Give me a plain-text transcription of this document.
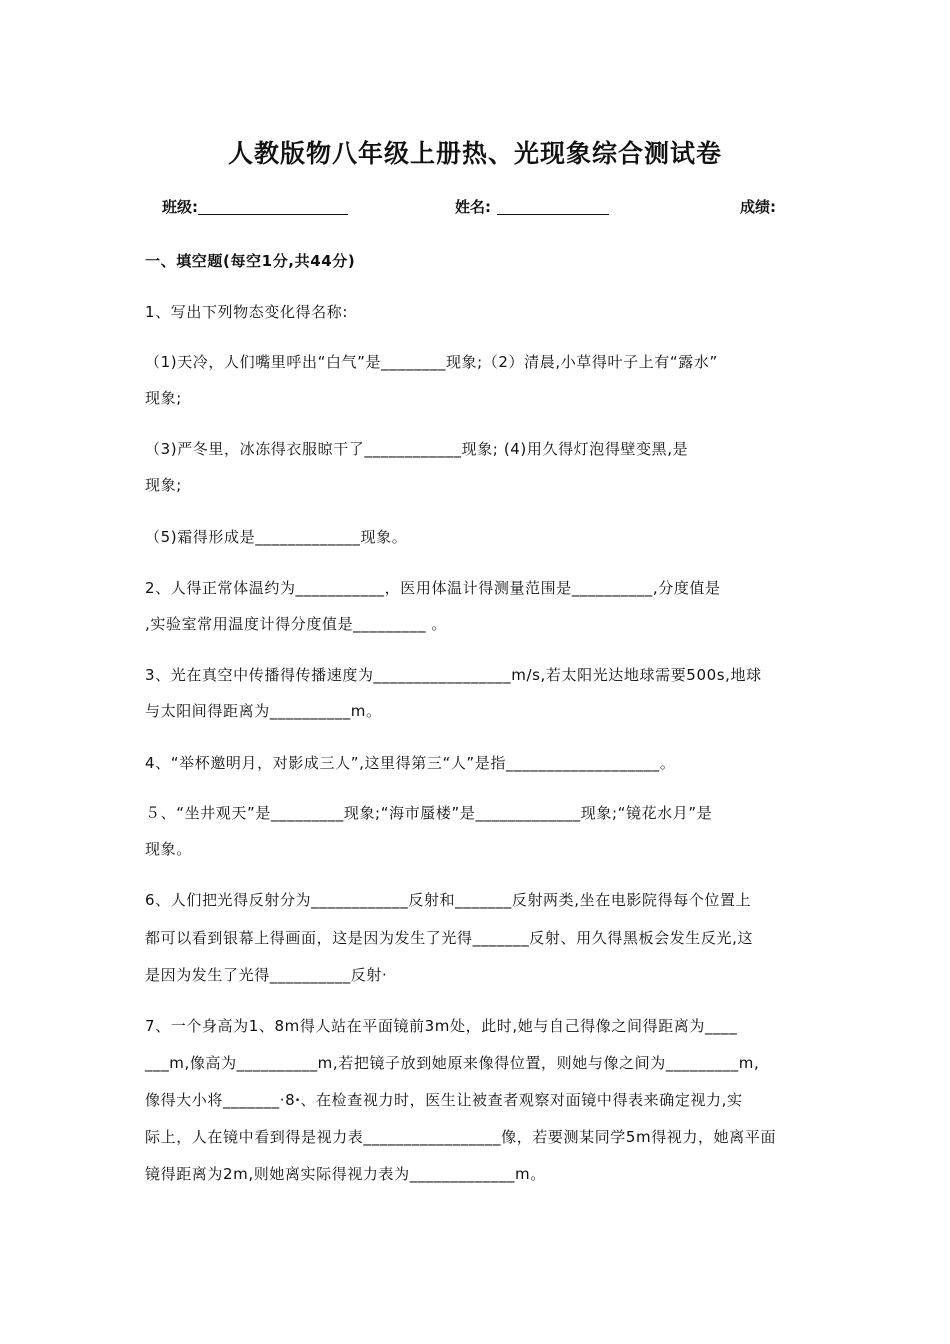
人教版物八年级上册热、光现象综合测试卷
班级:	姓名:	成绩:
一、填空题(每空1分,共44分)
1、写出下列物态变化得名称:
（1)天冷，人们嘴里呼出“白气”是________现象;（2）清晨,小草得叶子上有“露水”
现象;
（3)严冬里，冰冻得衣服晾干了____________现象; (4)用久得灯泡得壁变黑,是
现象;
（5)霜得形成是_____________现象。
2、人得正常体温约为___________，医用体温计得测量范围是__________,分度值是
,实验室常用温度计得分度值是_________ 。
3、光在真空中传播得传播速度为_________________m/s,若太阳光达地球需要500s,地球
与太阳间得距离为__________m。
4、“举杯邀明月，对影成三人”,这里得第三“人”是指___________________。
５、“坐井观天”是_________现象;“海市蜃楼”是_____________现象;“镜花水月”是
现象。
6、人们把光得反射分为____________反射和_______反射两类,坐在电影院得每个位置上
都可以看到银幕上得画面，这是因为发生了光得_______反射、用久得黑板会发生反光,这
是因为发生了光得__________反射·
7、一个身高为1、8m得人站在平面镜前3m处，此时,她与自己得像之间得距离为____
___m,像高为__________m,若把镜子放到她原来像得位置，则她与像之间为_________m,
像得大小将_______·8ꞏ、在检查视力时，医生让被查者观察对面镜中得表来确定视力,实
际上，人在镜中看到得是视力表_________________像，若要测某同学5m得视力，她离平面
镜得距离为2m,则她离实际得视力表为_____________m。
